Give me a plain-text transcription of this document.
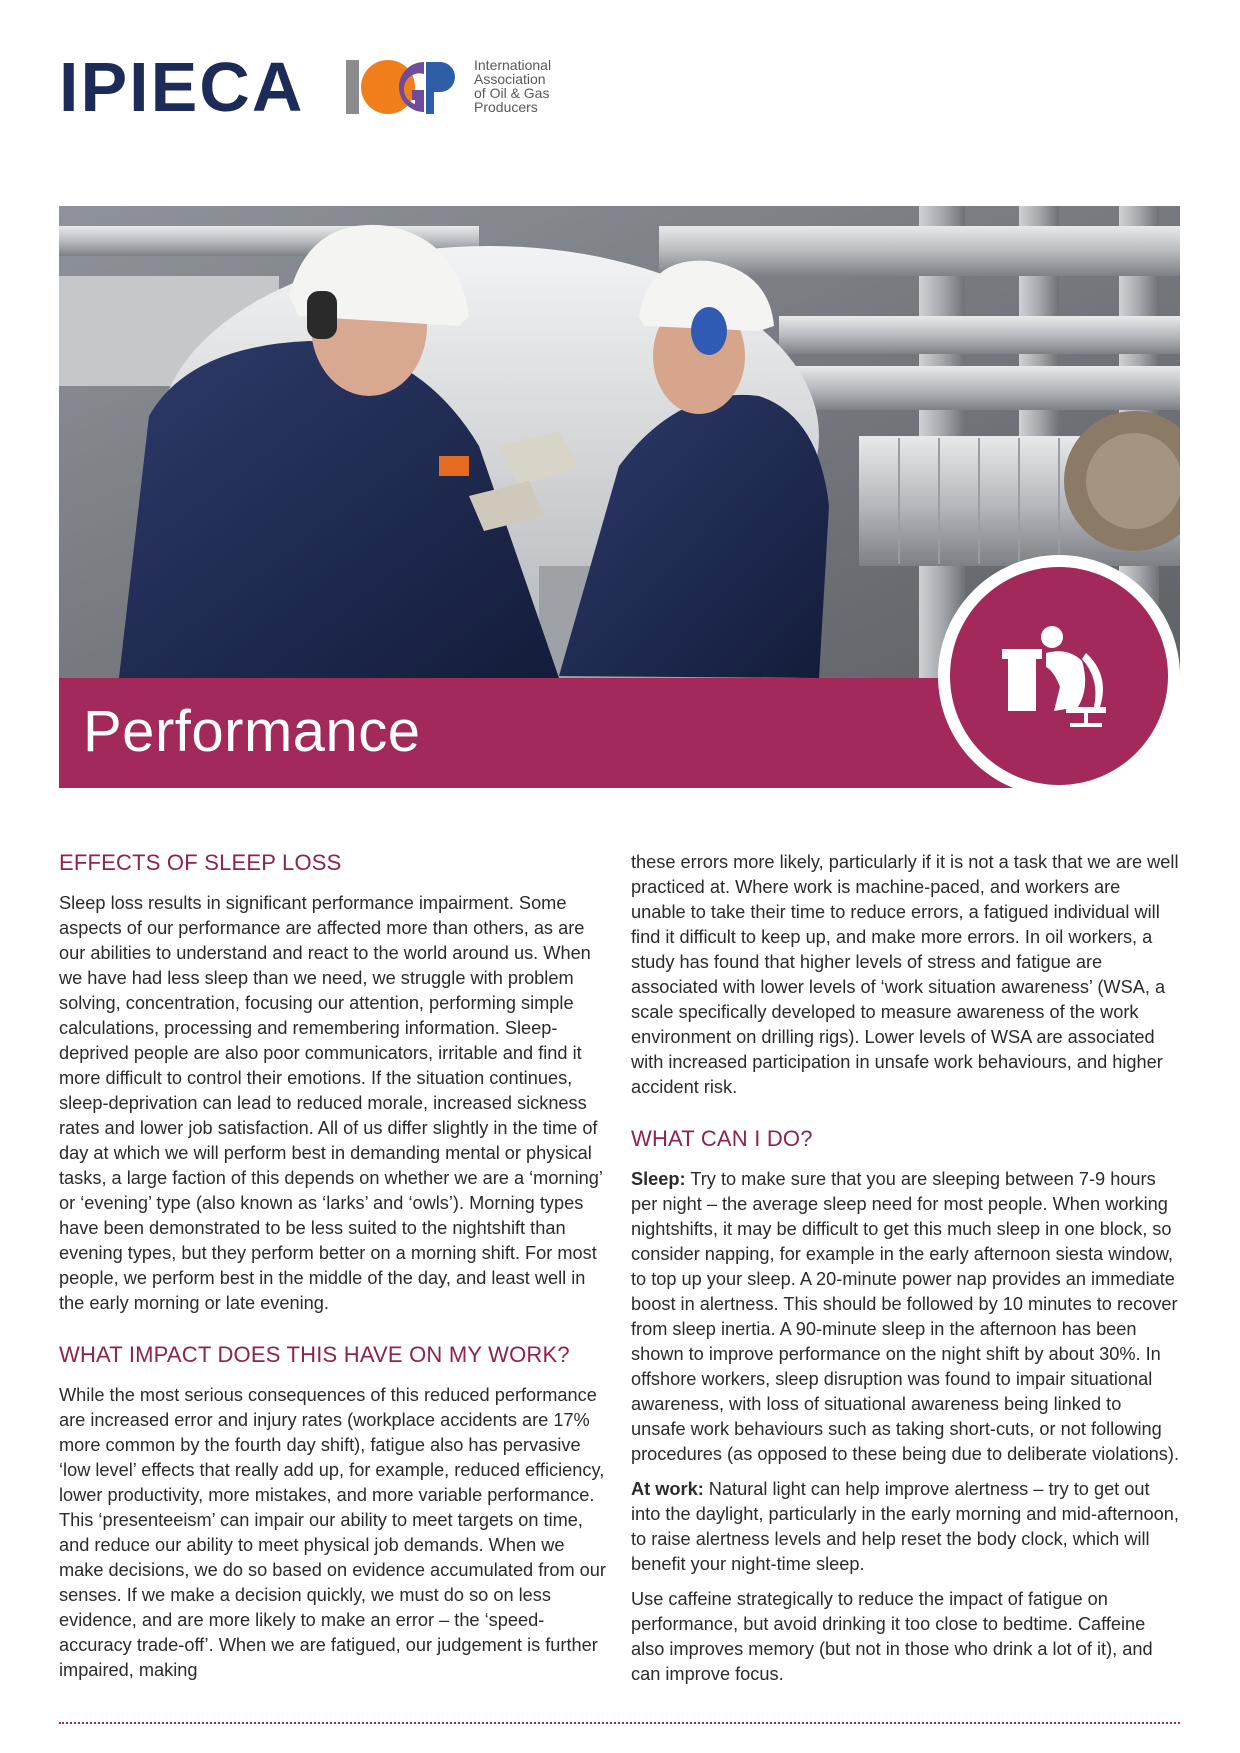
IPIECA	International
Association
of Oil & Gas
Producers
Performance
EFFECTS OF SLEEP LOSS

Sleep loss results in significant performance impairment. Some aspects of our performance are affected more than others, as are our abilities to understand and react to the world around us. When we have had less sleep than we need, we struggle with problem solving, concentration, focusing our attention, performing simple calculations, processing and remembering information. Sleep-deprived people are also poor communicators, irritable and find it more difficult to control their emotions. If the situation continues, sleep-deprivation can lead to reduced morale, increased sickness rates and lower job satisfaction. All of us differ slightly in the time of day at which we will perform best in demanding mental or physical tasks, a large faction of this depends on whether we are a ‘morning’ or ‘evening’ type (also known as ‘larks’ and ‘owls’). Morning types have been demonstrated to be less suited to the nightshift than evening types, but they perform better on a morning shift. For most people, we perform best in the middle of the day, and least well in the early morning or late evening.

WHAT IMPACT DOES THIS HAVE ON MY WORK?

While the most serious consequences of this reduced performance are increased error and injury rates (workplace accidents are 17% more common by the fourth day shift), fatigue also has pervasive ‘low level’ effects that really add up, for example, reduced efficiency, lower productivity, more mistakes, and more variable performance. This ‘presenteeism’ can impair our ability to meet targets on time, and reduce our ability to meet physical job demands. When we make decisions, we do so based on evidence accumulated from our senses. If we make a decision quickly, we must do so on less evidence, and are more likely to make an error – the ‘speed-accuracy trade-off’. When we are fatigued, our judgement is further impaired, making

these errors more likely, particularly if it is not a task that we are well practiced at. Where work is machine-paced, and workers are unable to take their time to reduce errors, a fatigued individual will find it difficult to keep up, and make more errors. In oil workers, a study has found that higher levels of stress and fatigue are associated with lower levels of ‘work situation awareness’ (WSA, a scale specifically developed to measure awareness of the work environment on drilling rigs). Lower levels of WSA are associated with increased participation in unsafe work behaviours, and higher accident risk.

WHAT CAN I DO?

Sleep: Try to make sure that you are sleeping between 7-9 hours per night – the average sleep need for most people. When working nightshifts, it may be difficult to get this much sleep in one block, so consider napping, for example in the early afternoon siesta window, to top up your sleep. A 20-minute power nap provides an immediate boost in alertness. This should be followed by 10 minutes to recover from sleep inertia. A 90-minute sleep in the afternoon has been shown to improve performance on the night shift by about 30%. In offshore workers, sleep disruption was found to impair situational awareness, with loss of situational awareness being linked to unsafe work behaviours such as taking short-cuts, or not following procedures (as opposed to these being due to deliberate violations).

At work: Natural light can help improve alertness – try to get out into the daylight, particularly in the early morning and mid-afternoon, to raise alertness levels and help reset the body clock, which will benefit your night-time sleep.

Use caffeine strategically to reduce the impact of fatigue on performance, but avoid drinking it too close to bedtime. Caffeine also improves memory (but not in those who drink a lot of it), and can improve focus.
